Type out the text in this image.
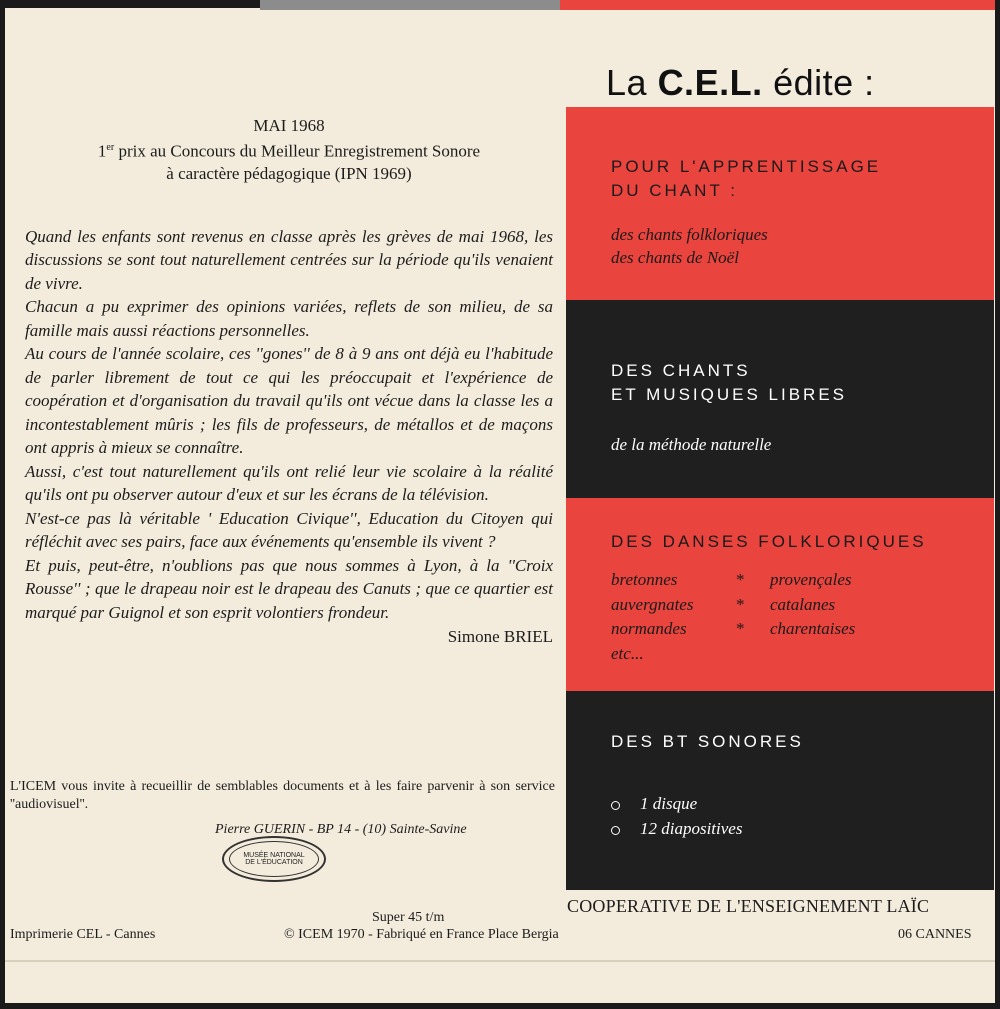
MAI 1968
1er prix au Concours du Meilleur Enregistrement Sonore
à caractère pédagogique (IPN 1969)

Quand les enfants sont revenus en classe après les grèves de mai 1968, les discussions se sont tout naturellement centrées sur la période qu'ils venaient de vivre.

Chacun a pu exprimer des opinions variées, reflets de son milieu, de sa famille mais aussi réactions personnelles.

Au cours de l'année scolaire, ces ''gones'' de 8 à 9 ans ont déjà eu l'habitude de parler librement de tout ce qui les préoccupait et l'expérience de coopération et d'organisation du travail qu'ils ont vécue dans la classe les a incontestablement mûris ; les fils de professeurs, de métallos et de maçons ont appris à mieux se connaître.

Aussi, c'est tout naturellement qu'ils ont relié leur vie scolaire à la réalité qu'ils ont pu observer autour d'eux et sur les écrans de la télévision.

N'est-ce pas là véritable ' Education Civique'', Education du Citoyen qui réfléchit avec ses pairs, face aux événements qu'ensemble ils vivent ?

Et puis, peut-être, n'oublions pas que nous sommes à Lyon, à la ''Croix Rousse'' ; que le drapeau noir est le drapeau des Canuts ; que ce quartier est marqué par Guignol et son esprit volontiers frondeur.

Simone BRIEL
L'ICEM vous invite à recueillir de semblables documents et à les faire parvenir à son service ''audiovisuel''.
Pierre GUERIN - BP 14 - (10) Sainte-Savine
MUSÉE NATIONAL
DE L'ÉDUCATION
Imprimerie CEL - Cannes
Super 45 t/m
© ICEM 1970 - Fabriqué en France Place Bergia
COOPERATIVE DE L'ENSEIGNEMENT LAÏC
06 CANNES
La C.E.L. édite :
POUR L'APPRENTISSAGE
DU CHANT :
des chants folkloriques
des chants de Noël
DES CHANTS
ET MUSIQUES LIBRES
de la méthode naturelle
DES DANSES FOLKLORIQUES
bretonnes	*	provençales
auvergnates	*	catalanes
normandes	*	charentaises
etc...
DES BT SONORES
1 disque
12 diapositives
